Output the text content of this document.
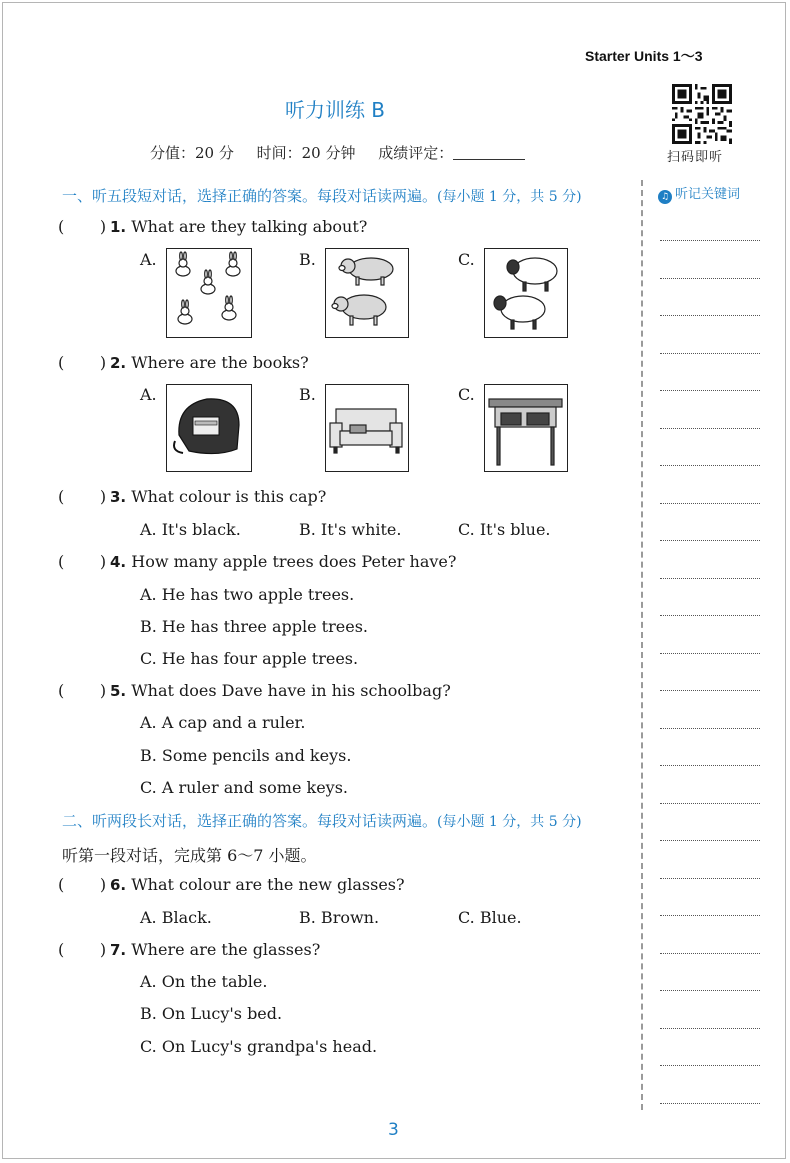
Starter Units 1～3
听力训练 B
分值：20 分 时间：20 分钟 成绩评定：	扫码即听
♫ 听记关键词
一、听五段短对话，选择正确的答案。每段对话读两遍。(每小题 1 分，共 5 分)
(       ) 1. What are they talking about?
A.	B.	C.
(       ) 2. Where are the books?
A.	B.	C.
(       ) 3. What colour is this cap?
A. It's black.	B. It's white.	C. It's blue.
(       ) 4. How many apple trees does Peter have?
A. He has two apple trees.
B. He has three apple trees.
C. He has four apple trees.
(       ) 5. What does Dave have in his schoolbag?
A. A cap and a ruler.
B. Some pencils and keys.
C. A ruler and some keys.
二、听两段长对话，选择正确的答案。每段对话读两遍。(每小题 1 分，共 5 分)
听第一段对话，完成第 6～7 小题。
(       ) 6. What colour are the new glasses?
A. Black.	B. Brown.	C. Blue.
(       ) 7. Where are the glasses?
A. On the table.
B. On Lucy's bed.
C. On Lucy's grandpa's head.
3
